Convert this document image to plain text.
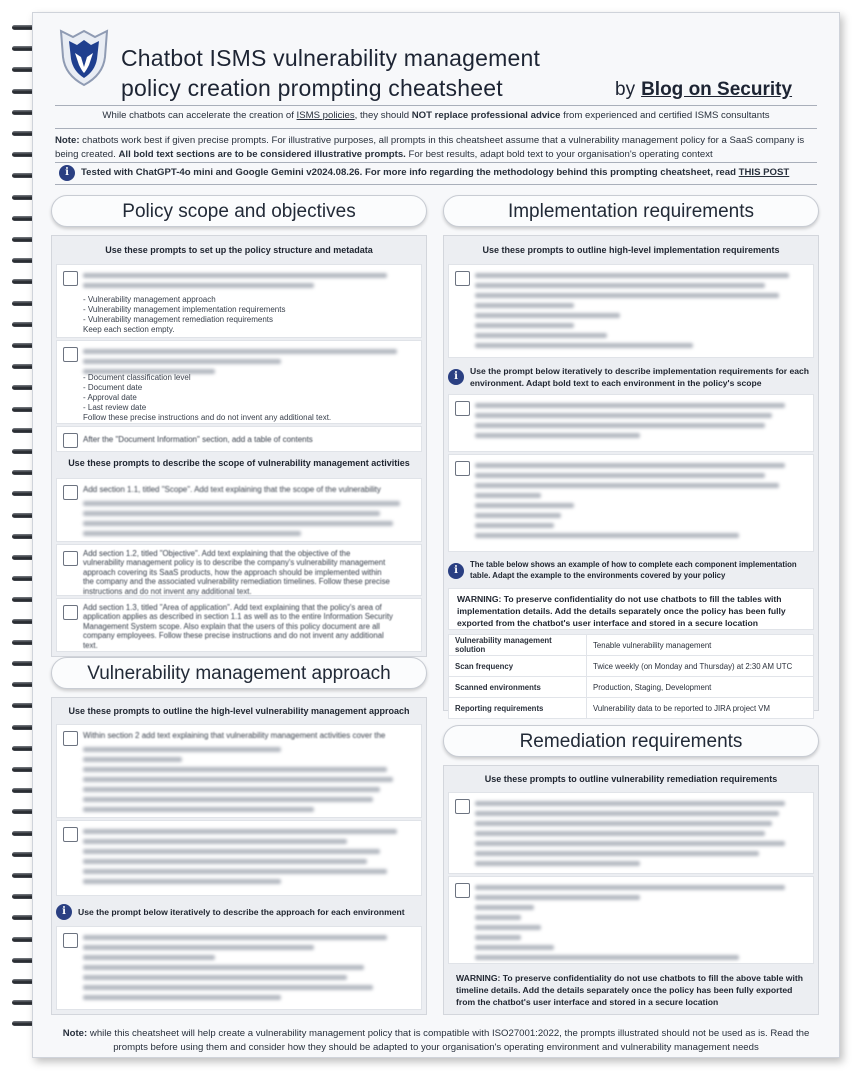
Chatbot ISMS vulnerability management
policy creation prompting cheatsheet	by Blog on Security
While chatbots can accelerate the creation of ISMS policies, they should NOT replace professional advice from experienced and certified ISMS consultants
Note: chatbots work best if given precise prompts. For illustrative purposes, all prompts in this cheatsheet assume that a vulnerability management policy for a SaaS company is being created. All bold text sections are to be considered illustrative prompts. For best results, adapt bold text to your organisation's operating context
i	Tested with ChatGPT-4o mini and Google Gemini v2024.08.26. For more info regarding the methodology behind this prompting cheatsheet, read THIS POST
Policy scope and objectives
Use these prompts to set up the policy structure and metadata
- Vulnerability management approach
- Vulnerability management implementation requirements
- Vulnerability management remediation requirements
Keep each section empty.
- Document classification level
- Document date
- Approval date
- Last review date
Follow these precise instructions and do not invent any additional text.
After the "Document Information" section, add a table of contents
Use these prompts to describe the scope of vulnerability management activities
Add section 1.1, titled "Scope". Add text explaining that the scope of the vulnerability
Add section 1.2, titled "Objective". Add text explaining that the objective of the
vulnerability management policy is to describe the company's vulnerability management
approach covering its SaaS products, how the approach should be implemented within
the company and the associated vulnerability remediation timelines. Follow these precise
instructions and do not invent any additional text.
Add section 1.3, titled "Area of application". Add text explaining that the policy's area of
application applies as described in section 1.1 as well as to the entire Information Security
Management System scope. Also explain that the users of this policy document are all
company employees. Follow these precise instructions and do not invent any additional
text.
Vulnerability management approach
Use these prompts to outline the high-level vulnerability management approach
Within section 2 add text explaining that vulnerability management activities cover the
i	Use the prompt below iteratively to describe the approach for each environment
Implementation requirements
Use these prompts to outline high-level implementation requirements
i	Use the prompt below iteratively to describe implementation requirements for each environment. Adapt bold text to each environment in the policy's scope
i
The table below shows an example of how to complete each component implementation table. Adapt the example to the environments covered by your policy
WARNING: To preserve confidentiality do not use chatbots to fill the tables with implementation details. Add the details separately once the policy has been fully exported from the chatbot's user interface and stored in a secure location
Vulnerability management solution	Tenable vulnerability management
Scan frequency	Twice weekly (on Monday and Thursday) at 2:30 AM UTC
Scanned environments	Production, Staging, Development
Reporting requirements	Vulnerability data to be reported to JIRA project VM
Remediation requirements
Use these prompts to outline vulnerability remediation requirements
WARNING: To preserve confidentiality do not use chatbots to fill the above table with timeline details. Add the details separately once the policy has been fully exported from the chatbot's user interface and stored in a secure location
Note: while this cheatsheet will help create a vulnerability management policy that is compatible with ISO27001:2022, the prompts illustrated should not be used as is. Read the prompts before using them and consider how they should be adapted to your organisation's operating environment and vulnerability management needs
